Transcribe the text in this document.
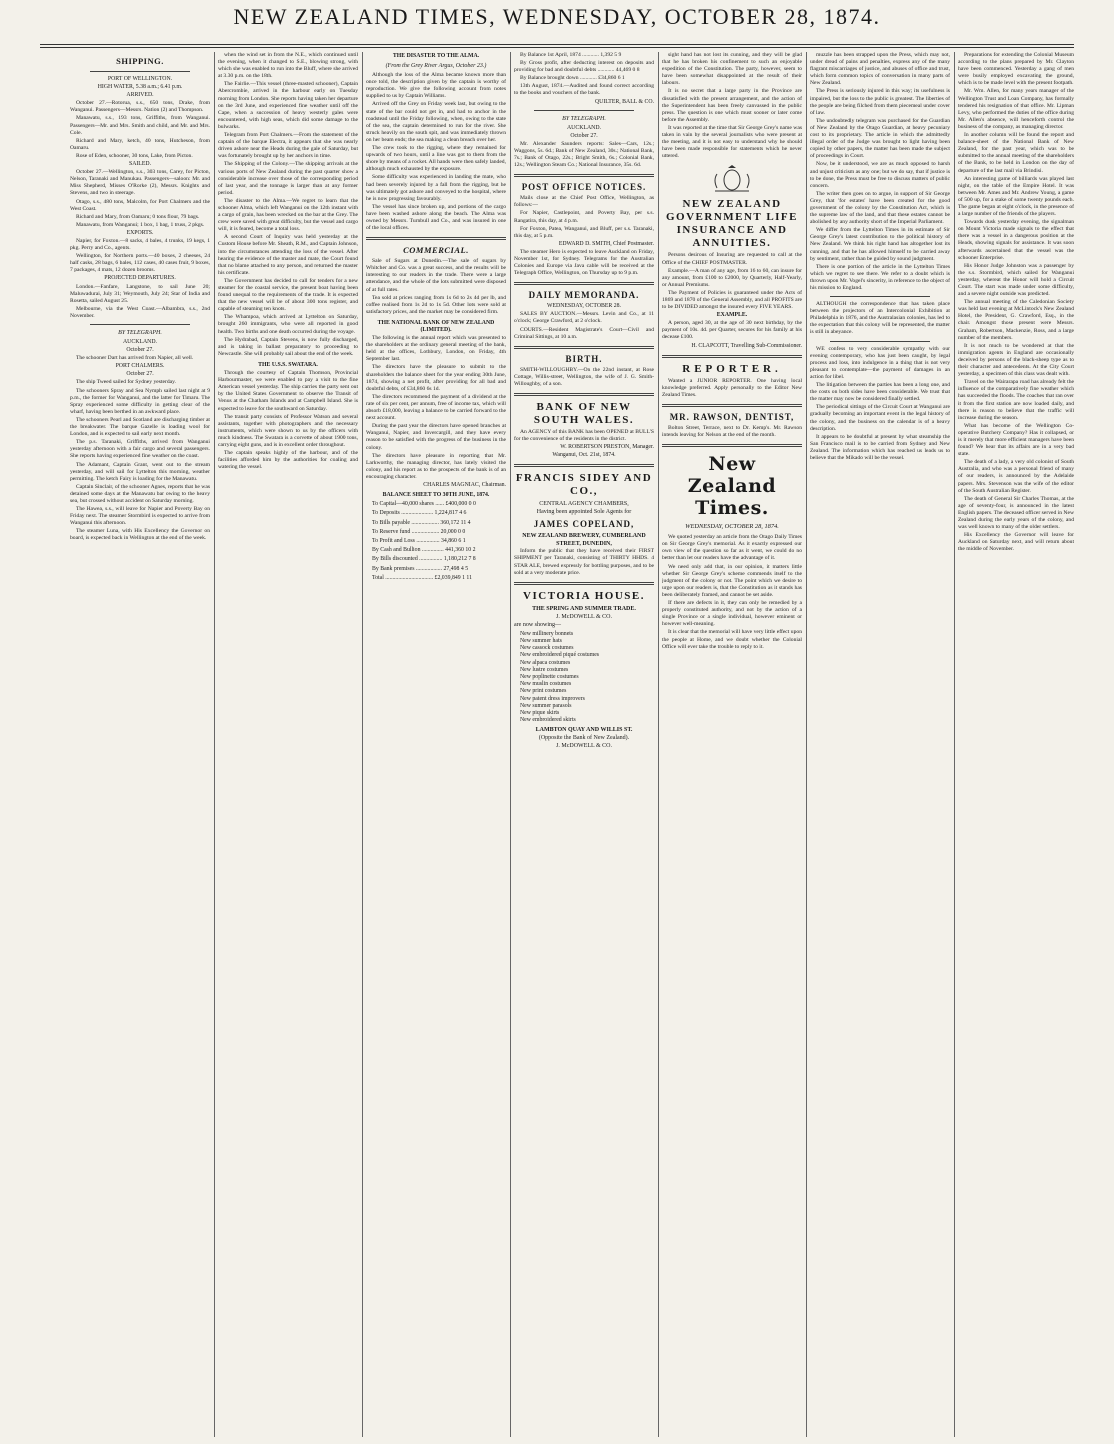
NEW ZEALAND TIMES, WEDNESDAY, OCTOBER 28, 1874.
SHIPPING.
PORT OF WELLINGTON.
HIGH WATER, 5.38 a.m.; 6.41 p.m.
ARRIVED.

October 27.—Rotorua, s.s., 650 tons, Drake, from Wanganui. Passengers—Messrs. Nation (2) and Thompson.

Manawatu, s.s., 193 tons, Griffiths, from Wanganui. Passengers—Mr. and Mrs. Smith and child, and Mr. and Mrs. Cole.

Richard and Mary, ketch, 40 tons, Hutcheson, from Oamaru.

Rose of Eden, schooner, 30 tons, Lake, from Picton.

SAILED.

October 27.—Wellington, s.s., 303 tons, Carey, for Picton, Nelson, Taranaki and Manukau. Passengers—saloon: Mr. and Miss Shepherd, Misses O'Rorke (2), Messrs. Knights and Stevens, and two in steerage.

Otago, s.s., 480 tons, Malcolm, for Port Chalmers and the West Coast.

Richard and Mary, from Oamaru; 0 tons flour, 79 bags.

Manawatu, from Wanganui; 1 box, 1 bag, 1 truss, 2 pkgs.

EXPORTS.

Napier, for Foxton.—8 sacks, 4 bales, 4 trunks, 19 kegs, 1 pkg. Perry and Co., agents.

Wellington, for Northern ports.—40 boxes, 2 cheeses, 24 half casks, 28 bags, 6 bales, 112 cases, 40 cases fruit, 9 boxes, 7 packages, 4 mats, 12 dozen brooms.

PROJECTED DEPARTURES.

London.—Fanfare, Langstone, to sail June 20; Maluwadurai, July 31; Weymouth, July 24; Star of India and Rosetta, sailed August 25.

Melbourne, via the West Coast.—Albambra, s.s., 2nd November.

BY TELEGRAPH.
AUCKLAND.
October 27.

The schooner Dart has arrived from Napier, all well.

PORT CHALMERS.
October 27.

The ship Tweed sailed for Sydney yesterday.

The schooners Spray and Sea Nymph sailed last night at 9 p.m., the former for Wanganui, and the latter for Timaru. The Spray experienced some difficulty in getting clear of the wharf, having been berthed in an awkward place.

The schooners Pearl and Scotland are discharging timber at the breakwater. The barque Gazelle is loading wool for London, and is expected to sail early next month.

The p.s. Taranaki, Griffiths, arrived from Wanganui yesterday afternoon with a fair cargo and several passengers. She reports having experienced fine weather on the coast.

The Adamant, Captain Grant, went out to the stream yesterday, and will sail for Lyttelton this morning, weather permitting. The ketch Fairy is loading for the Manawatu.

Captain Sinclair, of the schooner Agnes, reports that he was detained some days at the Manawatu bar owing to the heavy sea, but crossed without accident on Saturday morning.

The Hawea, s.s., will leave for Napier and Poverty Bay on Friday next. The steamer Stormbird is expected to arrive from Wanganui this afternoon.

The steamer Luna, with His Excellency the Governor on board, is expected back in Wellington at the end of the week.

when the wind set in from the N.E., which continued until the evening, when it changed to S.E., blowing strong, with which she was enabled to run into the Bluff, where she arrived at 3.30 p.m. on the 18th.

The Fairlie.—This vessel (three-masted schooner), Captain Abercrombie, arrived in the harbour early on Tuesday morning from London. She reports having taken her departure on the 3rd June, and experienced fine weather until off the Cape, when a succession of heavy westerly gales were encountered, with high seas, which did some damage to the bulwarks.

Telegram from Port Chalmers.—From the statement of the captain of the barque Electra, it appears that she was nearly driven ashore near the Heads during the gale of Saturday, but was fortunately brought up by her anchors in time.

The Shipping of the Colony.—The shipping arrivals at the various ports of New Zealand during the past quarter show a considerable increase over those of the corresponding period of last year, and the tonnage is larger than at any former period.

The disaster to the Alma.—We regret to learn that the schooner Alma, which left Wanganui on the 12th instant with a cargo of grain, has been wrecked on the bar at the Grey. The crew were saved with great difficulty, but the vessel and cargo will, it is feared, become a total loss.

A second Court of Inquiry was held yesterday at the Custom House before Mr. Sheath, R.M., and Captain Johnson, into the circumstances attending the loss of the vessel. After hearing the evidence of the master and mate, the Court found that no blame attached to any person, and returned the master his certificate.

The Government has decided to call for tenders for a new steamer for the coastal service, the present boat having been found unequal to the requirements of the trade. It is expected that the new vessel will be of about 300 tons register, and capable of steaming ten knots.

The Whampoa, which arrived at Lyttelton on Saturday, brought 260 immigrants, who were all reported in good health. Two births and one death occurred during the voyage.

The Hydrabad, Captain Stevens, is now fully discharged, and is taking in ballast preparatory to proceeding to Newcastle. She will probably sail about the end of the week.

THE U.S.S. SWATARA.

Through the courtesy of Captain Thomson, Provincial Harbourmaster, we were enabled to pay a visit to the fine American vessel yesterday. The ship carries the party sent out by the United States Government to observe the Transit of Venus at the Chatham Islands and at Campbell Island. She is expected to leave for the southward on Saturday.

The transit party consists of Professor Watson and several assistants, together with photographers and the necessary instruments, which were shown to us by the officers with much kindness. The Swatara is a corvette of about 1900 tons, carrying eight guns, and is in excellent order throughout.

The captain speaks highly of the harbour, and of the facilities afforded him by the authorities for coaling and watering the vessel.

THE DISASTER TO THE ALMA.
(From the Grey River Argus, October 23.)

Although the loss of the Alma became known more than once told, the description given by the captain is worthy of reproduction. We give the following account from notes supplied to us by Captain Williams.

Arrived off the Grey on Friday week last, but owing to the state of the bar could not get in, and had to anchor in the roadstead until the Friday following, when, owing to the state of the sea, the captain determined to run for the river. She struck heavily on the south spit, and was immediately thrown on her beam ends; the sea making a clean breach over her.

The crew took to the rigging, where they remained for upwards of two hours, until a line was got to them from the shore by means of a rocket. All hands were then safely landed, although much exhausted by the exposure.

Some difficulty was experienced in landing the mate, who had been severely injured by a fall from the rigging, but he was ultimately got ashore and conveyed to the hospital, where he is now progressing favourably.

The vessel has since broken up, and portions of the cargo have been washed ashore along the beach. The Alma was owned by Messrs. Turnbull and Co., and was insured in one of the local offices.

COMMERCIAL.

Sale of Sugars at Dunedin.—The sale of sugars by Whitcher and Co. was a great success, and the results will be interesting to our readers in the trade. There were a large attendance, and the whole of the lots submitted were disposed of at full rates.

Tea sold at prices ranging from 1s 6d to 2s 4d per lb, and coffee realised from 1s 2d to 1s 5d. Other lots were sold at satisfactory prices, and the market may be considered firm.

THE NATIONAL BANK OF NEW ZEALAND (LIMITED).

The following is the annual report which was presented to the shareholders at the ordinary general meeting of the bank, held at the offices, Lothbury, London, on Friday, 4th September last.

The directors have the pleasure to submit to the shareholders the balance sheet for the year ending 30th June, 1874, showing a net profit, after providing for all bad and doubtful debts, of £34,860 6s 1d.

The directors recommend the payment of a dividend at the rate of six per cent, per annum, free of income tax, which will absorb £18,000, leaving a balance to be carried forward to the next account.

During the past year the directors have opened branches at Wanganui, Napier, and Invercargill, and they have every reason to be satisfied with the progress of the business in the colony.

The directors have pleasure in reporting that Mr. Larkworthy, the managing director, has lately visited the colony, and his report as to the prospects of the bank is of an encouraging character.

CHARLES MAGNIAC, Chairman.
BALANCE SHEET TO 30TH JUNE, 1874.
To Capital—40,000 shares ...... £400,000 0 0
To Deposits ...................... 1,224,817 4 6
To Bills payable ................... 360,172 11 4
To Reserve fund ................... 20,000 0 0
To Profit and Loss ................ 34,860 6 1
By Cash and Bullion ............... 441,360 10 2
By Bills discounted ................ 1,180,212 7 8
By Bank premises .................. 27,498 4 5
Total ................................. £2,039,849 1 11

By Balance 1st April, 1874 ............ 1,392 5 9

By Gross profit, after deducting interest on deposits and providing for bad and doubtful debts ............ 44,469 0 8

By Balance brought down ............ £34,860 6 1

13th August, 1874.—Audited and found correct according to the books and vouchers of the bank.

QUILTER, BALL & CO.
BY TELEGRAPH.
AUCKLAND.
October 27.

Mr. Alexander Saunders reports: Sales—Cars, 12s.; Waggons, 5s. 6d.; Bank of New Zealand, 30s.; National Bank, 7s.; Bank of Otago, 22s.; Bright Smith, 6s.; Colonial Bank, 12s.; Wellington Steam Co.; National Insurance, 35s. 6d.

POST OFFICE NOTICES.

Mails close at the Chief Post Office, Wellington, as follows:—

For Napier, Castlepoint, and Poverty Bay, per s.s. Rangatira, this day, at 4 p.m.

For Foxton, Patea, Wanganui, and Bluff, per s.s. Taranaki, this day, at 5 p.m.

EDWARD D. SMITH, Chief Postmaster.

The steamer Hero is expected to leave Auckland on Friday, November 1st, for Sydney. Telegrams for the Australian Colonies and Europe via Java cable will be received at the Telegraph Office, Wellington, on Thursday up to 9 p.m.

DAILY MEMORANDA.
WEDNESDAY, OCTOBER 28.

SALES BY AUCTION.—Messrs. Levin and Co., at 11 o'clock; George Crawford, at 2 o'clock.

COURTS.—Resident Magistrate's Court—Civil and Criminal Sittings, at 10 a.m.

BIRTH.

SMITH-WILLOUGHBY.—On the 22nd instant, at Rose Cottage, Willis-street, Wellington, the wife of J. G. Smith-Willoughby, of a son.

BANK OF NEW SOUTH WALES.

An AGENCY of this BANK has been OPENED at BULL'S for the convenience of the residents in the district.

W. ROBERTSON PRESTON, Manager.
Wanganui, Oct. 21st, 1874.
FRANCIS SIDEY AND CO.,
CENTRAL AGENCY CHAMBERS,
Having been appointed Sole Agents for
JAMES COPELAND,
NEW ZEALAND BREWERY, CUMBERLAND STREET, DUNEDIN,

Inform the public that they have received their FIRST SHIPMENT per Taranaki, consisting of THIRTY HHDS. 4 STAR ALE, brewed expressly for bottling purposes, and to be sold at a very moderate price.

VICTORIA HOUSE.
THE SPRING AND SUMMER TRADE.
J. McDOWELL & CO.
are now showing—
New millinery bonnets
New summer hats
New cassock costumes
New embroidered piqué costumes
New alpaca costumes
New lustre costumes
New poplinette costumes
New muslin costumes
New print costumes
New patent dress improvers
New summer parasols
New pique skirts
New embroidered skirts
LAMBTON QUAY AND WILLIS ST.
(Opposite the Bank of New Zealand).
J. McDOWELL & CO.

sight hand has not lost its cunning, and they will be glad that he has broken his confinement to such an enjoyable expedition of the Constitution. The party, however, seem to have been somewhat disappointed at the result of their labours.

It is no secret that a large party in the Province are dissatisfied with the present arrangement, and the action of the Superintendent has been freely canvassed in the public press. The question is one which must sooner or later come before the Assembly.

It was reported at the time that Sir George Grey's name was taken in vain by the several journalists who were present at the meeting, and it is not easy to understand why he should have been made responsible for statements which he never uttered.

NEW ZEALAND GOVERNMENT LIFE INSURANCE AND ANNUITIES.

Persons desirous of Insuring are requested to call at the Office of the CHIEF POSTMASTER.

Example.—A man of any age, from 16 to 60, can insure for any amount, from £100 to £2000, by Quarterly, Half-Yearly, or Annual Premiums.

The Payment of Policies is guaranteed under the Acts of 1869 and 1870 of the General Assembly, and all PROFITS are to be DIVIDED amongst the insured every FIVE YEARS.

EXAMPLE.

A person, aged 30, at the age of 30 next birthday, by the payment of 10s. 4d. per Quarter, secures for his family at his decease £100.

H. CLAPCOTT, Travelling Sub-Commissioner.
REPORTER.

Wanted a JUNIOR REPORTER. One having local knowledge preferred. Apply personally to the Editor New Zealand Times.

MR. RAWSON, DENTIST,

Bolton Street, Terrace, next to Dr. Kemp's. Mr. Rawson intends leaving for Nelson at the end of the month.

New Zealand Times.
WEDNESDAY, OCTOBER 28, 1874.

We quoted yesterday an article from the Otago Daily Times on Sir George Grey's memorial. As it exactly expressed our own view of the question so far as it went, we could do no better than let our readers have the advantage of it.

We need only add that, in our opinion, it matters little whether Sir George Grey's scheme commends itself to the judgment of the colony or not. The point which we desire to urge upon our readers is, that the Constitution as it stands has been deliberately framed, and cannot be set aside.

If there are defects in it, they can only be remedied by a properly constituted authority, and not by the action of a single Province or a single individual, however eminent or however well-meaning.

It is clear that the memorial will have very little effect upon the people at Home, and we doubt whether the Colonial Office will ever take the trouble to reply to it.

muzzle has been strapped upon the Press, which may not, under dread of pains and penalties, express any of the many flagrant miscarriages of justice, and abuses of office and trust, which form common topics of conversation in many parts of New Zealand.

The Press is seriously injured in this way; its usefulness is impaired, but the loss to the public is greatest. The liberties of the people are being filched from them piecemeal under cover of law.

The undoubtedly telegram was purchased for the Guardian of New Zealand by the Otago Guardian, at heavy pecuniary cost to its proprietary. The article in which the admittedly illegal order of the Judge was brought to light having been copied by other papers, the matter has been made the subject of proceedings in Court.

Now, be it understood, we are as much opposed to harsh and unjust criticism as any one; but we do say, that if justice is to be done, the Press must be free to discuss matters of public concern.

The writer then goes on to argue, in support of Sir George Grey, that 'for estates' have been created for the good government of the colony by the Constitution Act, which is the supreme law of the land, and that these estates cannot be abolished by any authority short of the Imperial Parliament.

We differ from the Lyttelton Times in its estimate of Sir George Grey's latest contribution to the political history of New Zealand. We think his right hand has altogether lost its cunning, and that he has allowed himself to be carried away by sentiment, rather than be guided by sound judgment.

There is one portion of the article in the Lyttelton Times which we regret to see there. We refer to a doubt which is thrown upon Mr. Vogel's sincerity, in reference to the object of his mission to England.

ALTHOUGH the correspondence that has taken place between the projectors of an Intercolonial Exhibition at Philadelphia in 1876, and the Australasian colonies, has led to the expectation that this colony will be represented, the matter is still in abeyance.

WE confess to very considerable sympathy with our evening contemporary, who has just been caught, by legal process and loss, into indulgence in a thing that is not very pleasant to contemplate—the payment of damages in an action for libel.

The litigation between the parties has been a long one, and the costs on both sides have been considerable. We trust that the matter may now be considered finally settled.

The periodical sittings of the Circuit Court at Wanganui are gradually becoming an important event in the legal history of the colony, and the business on the calendar is of a heavy description.

It appears to be doubtful at present by what steamship the San Francisco mail is to be carried from Sydney and New Zealand. The information which has reached us leads us to believe that the Mikado will be the vessel.

Preparations for extending the Colonial Museum according to the plans prepared by Mr. Clayton have been commenced. Yesterday a gang of men were busily employed excavating the ground, which is to be made level with the present footpath.

Mr. Wm. Allen, for many years manager of the Wellington Trust and Loan Company, has formally tendered his resignation of that office. Mr. Lipman Levy, who performed the duties of the office during Mr. Allen's absence, will henceforth control the business of the company, as managing director.

In another column will be found the report and balance-sheet of the National Bank of New Zealand, for the past year, which was to be submitted to the annual meeting of the shareholders of the Bank, to be held in London on the day of departure of the last mail via Brindisi.

An interesting game of billiards was played last night, on the table of the Empire Hotel. It was between Mr. Ames and Mr. Andrew Young, a game of 500 up, for a stake of some twenty pounds each. The game began at eight o'clock, in the presence of a large number of the friends of the players.

Towards dusk yesterday evening, the signalman on Mount Victoria made signals to the effect that there was a vessel in a dangerous position at the Heads, showing signals for assistance. It was soon afterwards ascertained that the vessel was the schooner Enterprise.

His Honor Judge Johnston was a passenger by the s.s. Stormbird, which sailed for Wanganui yesterday, whereat the Honor will hold a Circuit Court. The start was made under some difficulty, and a severe night outside was predicted.

The annual meeting of the Caledonian Society was held last evening at McLintock's New Zealand Hotel, the President, G. Crawford, Esq., in the chair. Amongst those present were Messrs. Graham, Robertson, Mackenzie, Ross, and a large number of the members.

It is not much to be wondered at that the immigration agents in England are occasionally deceived by persons of the black-sheep type as to their character and antecedents. At the City Court yesterday, a specimen of this class was dealt with.

Travel on the Wairarapa road has already felt the influence of the comparatively fine weather which has succeeded the floods. The coaches that ran over it from the first station are now loaded daily, and there is reason to believe that the traffic will increase during the season.

What has become of the Wellington Co-operative Butchery Company? Has it collapsed, or is it merely that more efficient managers have been found? We hear that its affairs are in a very bad state.

The death of a lady, a very old colonist of South Australia, and who was a personal friend of many of our readers, is announced by the Adelaide papers. Mrs. Stevenson was the wife of the editor of the South Australian Register.

The death of General Sir Charles Thomas, at the age of seventy-four, is announced in the latest English papers. The deceased officer served in New Zealand during the early years of the colony, and was well known to many of the older settlers.

His Excellency the Governor will leave for Auckland on Saturday next, and will return about the middle of November.
